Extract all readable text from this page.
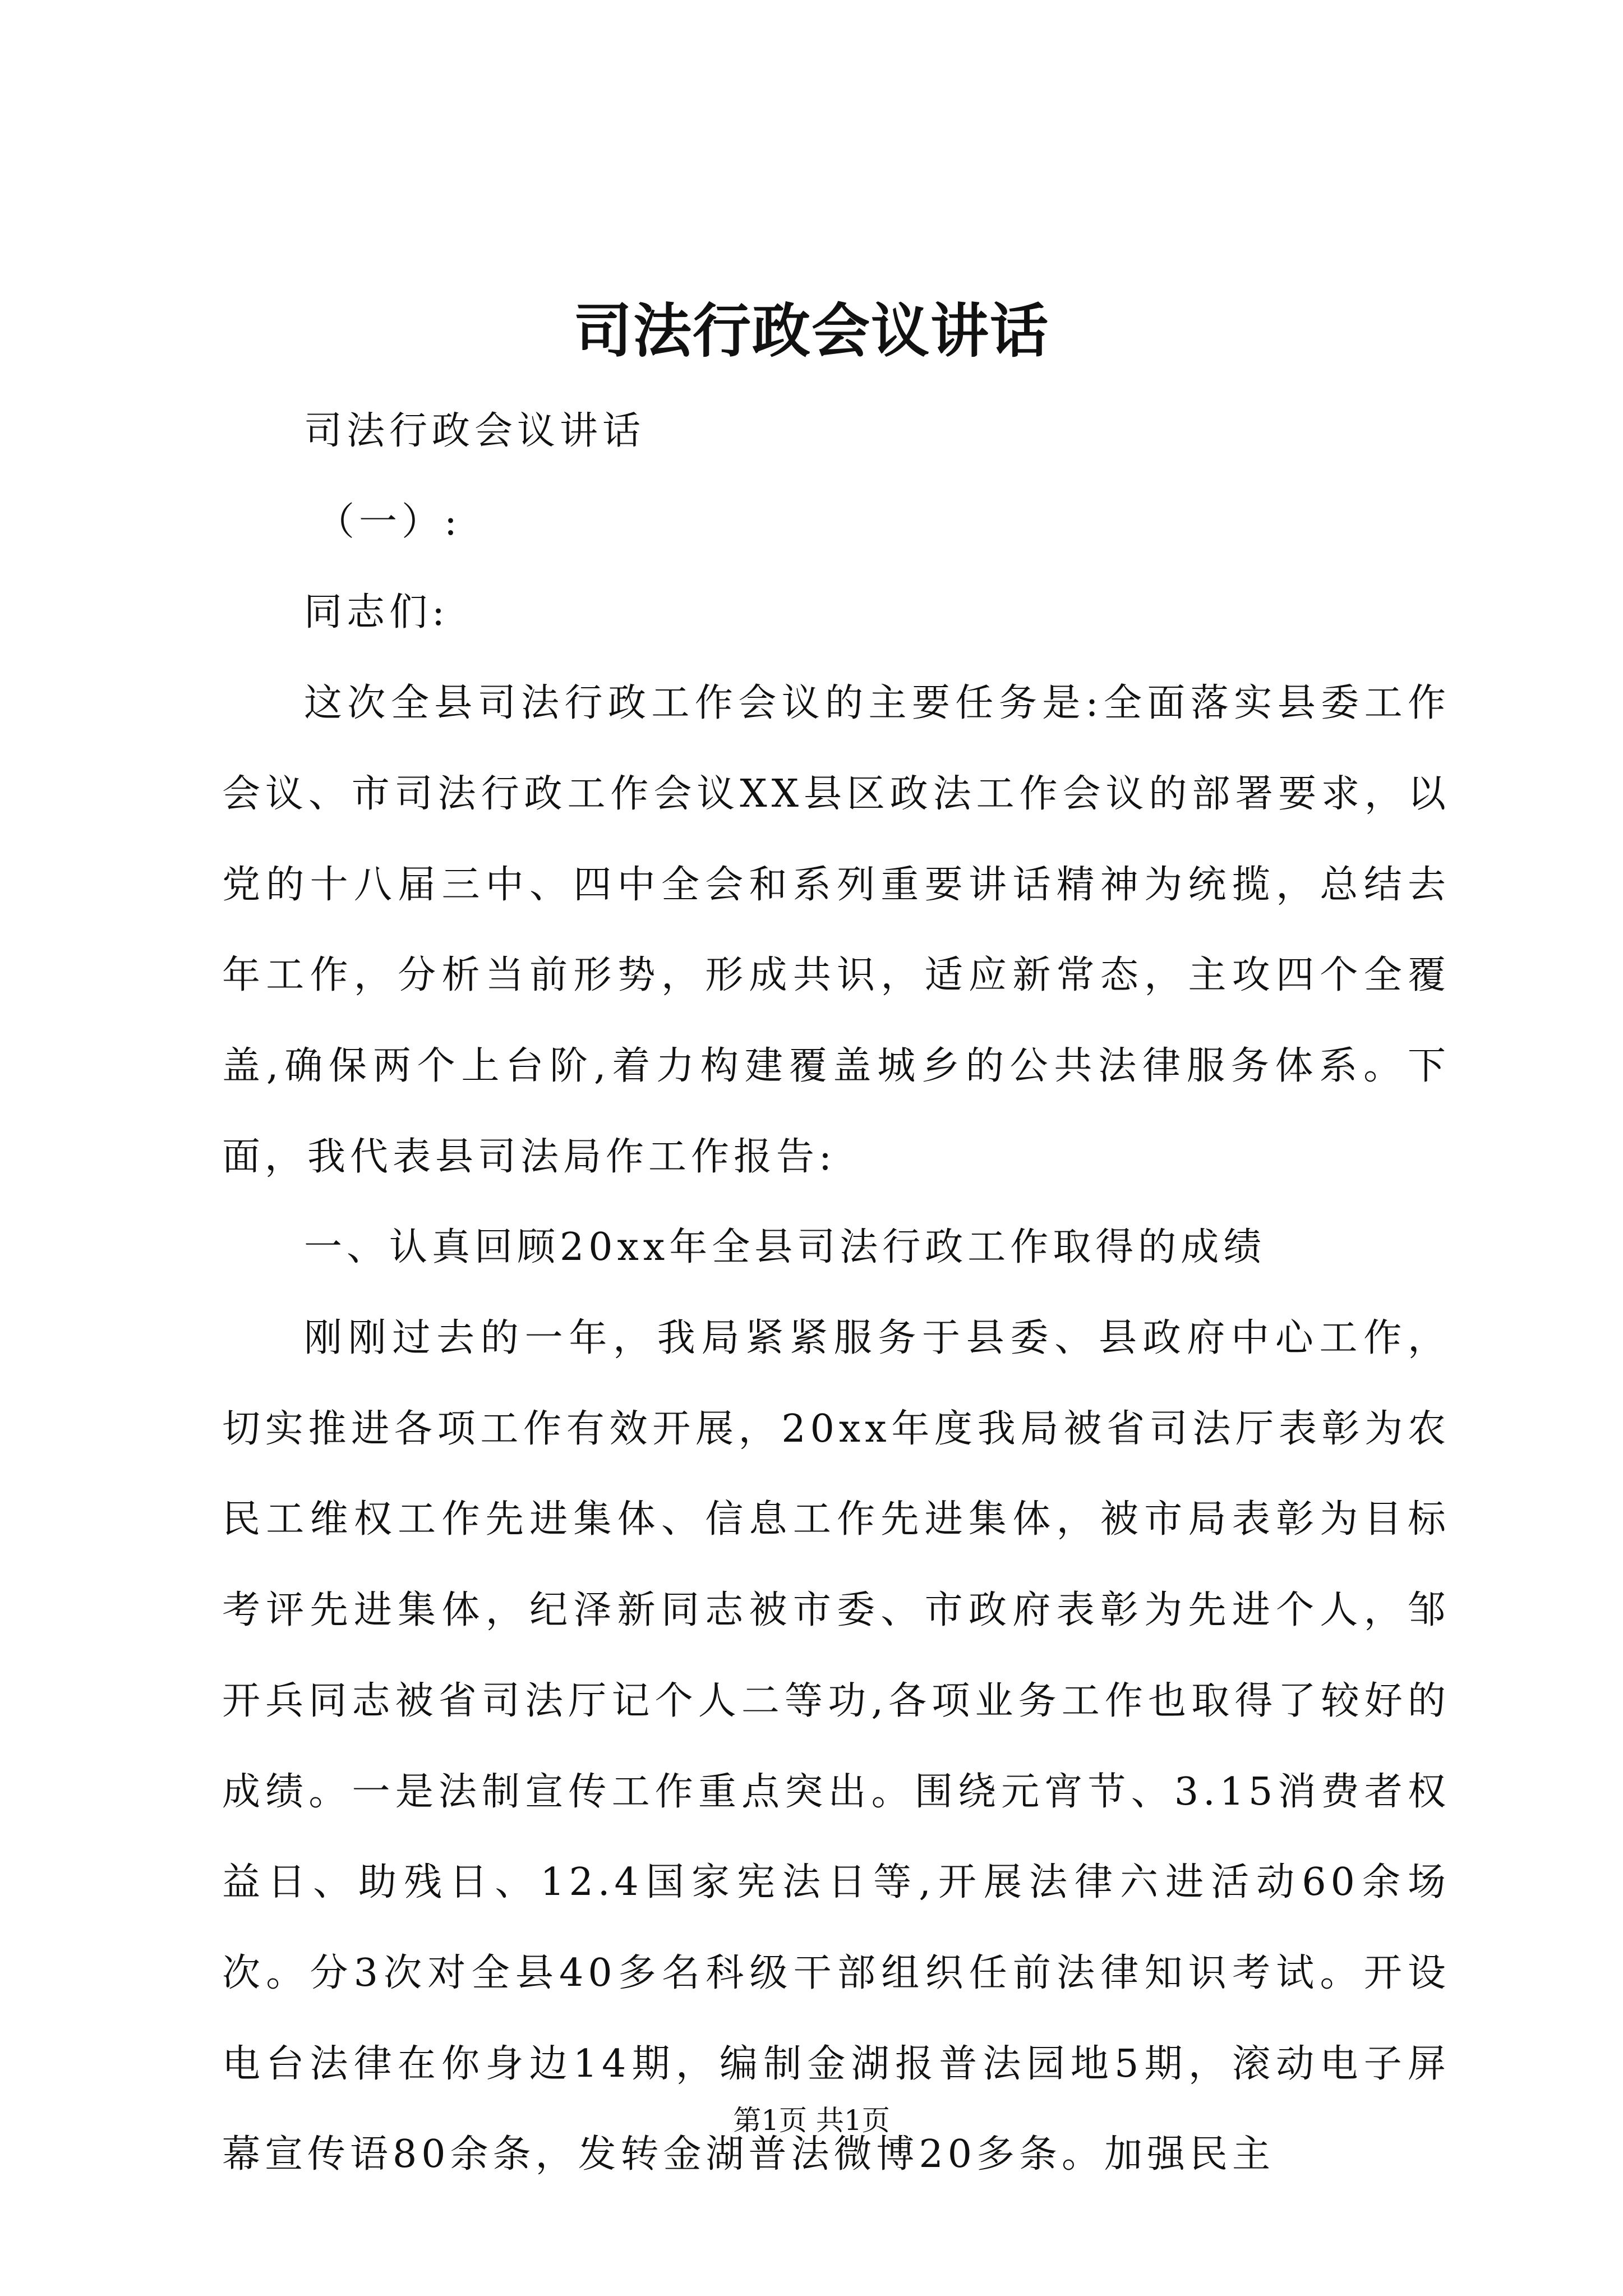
司法行政会议讲话

司法行政会议讲话

（一）:

同志们:

这次全县司法行政工作会议的主要任务是:全面落实县委工作会议、市司法行政工作会议XX县区政法工作会议的部署要求，以党的十八届三中、四中全会和系列重要讲话精神为统揽，总结去年工作，分析当前形势，形成共识，适应新常态，主攻四个全覆盖,确保两个上台阶,着力构建覆盖城乡的公共法律服务体系。下面，我代表县司法局作工作报告:

一、认真回顾20xx年全县司法行政工作取得的成绩

刚刚过去的一年，我局紧紧服务于县委、县政府中心工作，切实推进各项工作有效开展，20xx年度我局被省司法厅表彰为农民工维权工作先进集体、信息工作先进集体，被市局表彰为目标考评先进集体，纪泽新同志被市委、市政府表彰为先进个人，邹开兵同志被省司法厅记个人二等功,各项业务工作也取得了较好的成绩。一是法制宣传工作重点突出。围绕元宵节、3.15消费者权益日、助残日、12.4国家宪法日等,开展法律六进活动60余场次。分3次对全县40多名科级干部组织任前法律知识考试。开设电台法律在你身边14期，编制金湖报普法园地5期，滚动电子屏幕宣传语80余条，发转金湖普法微博20多条。加强民主

第1页 共1页
